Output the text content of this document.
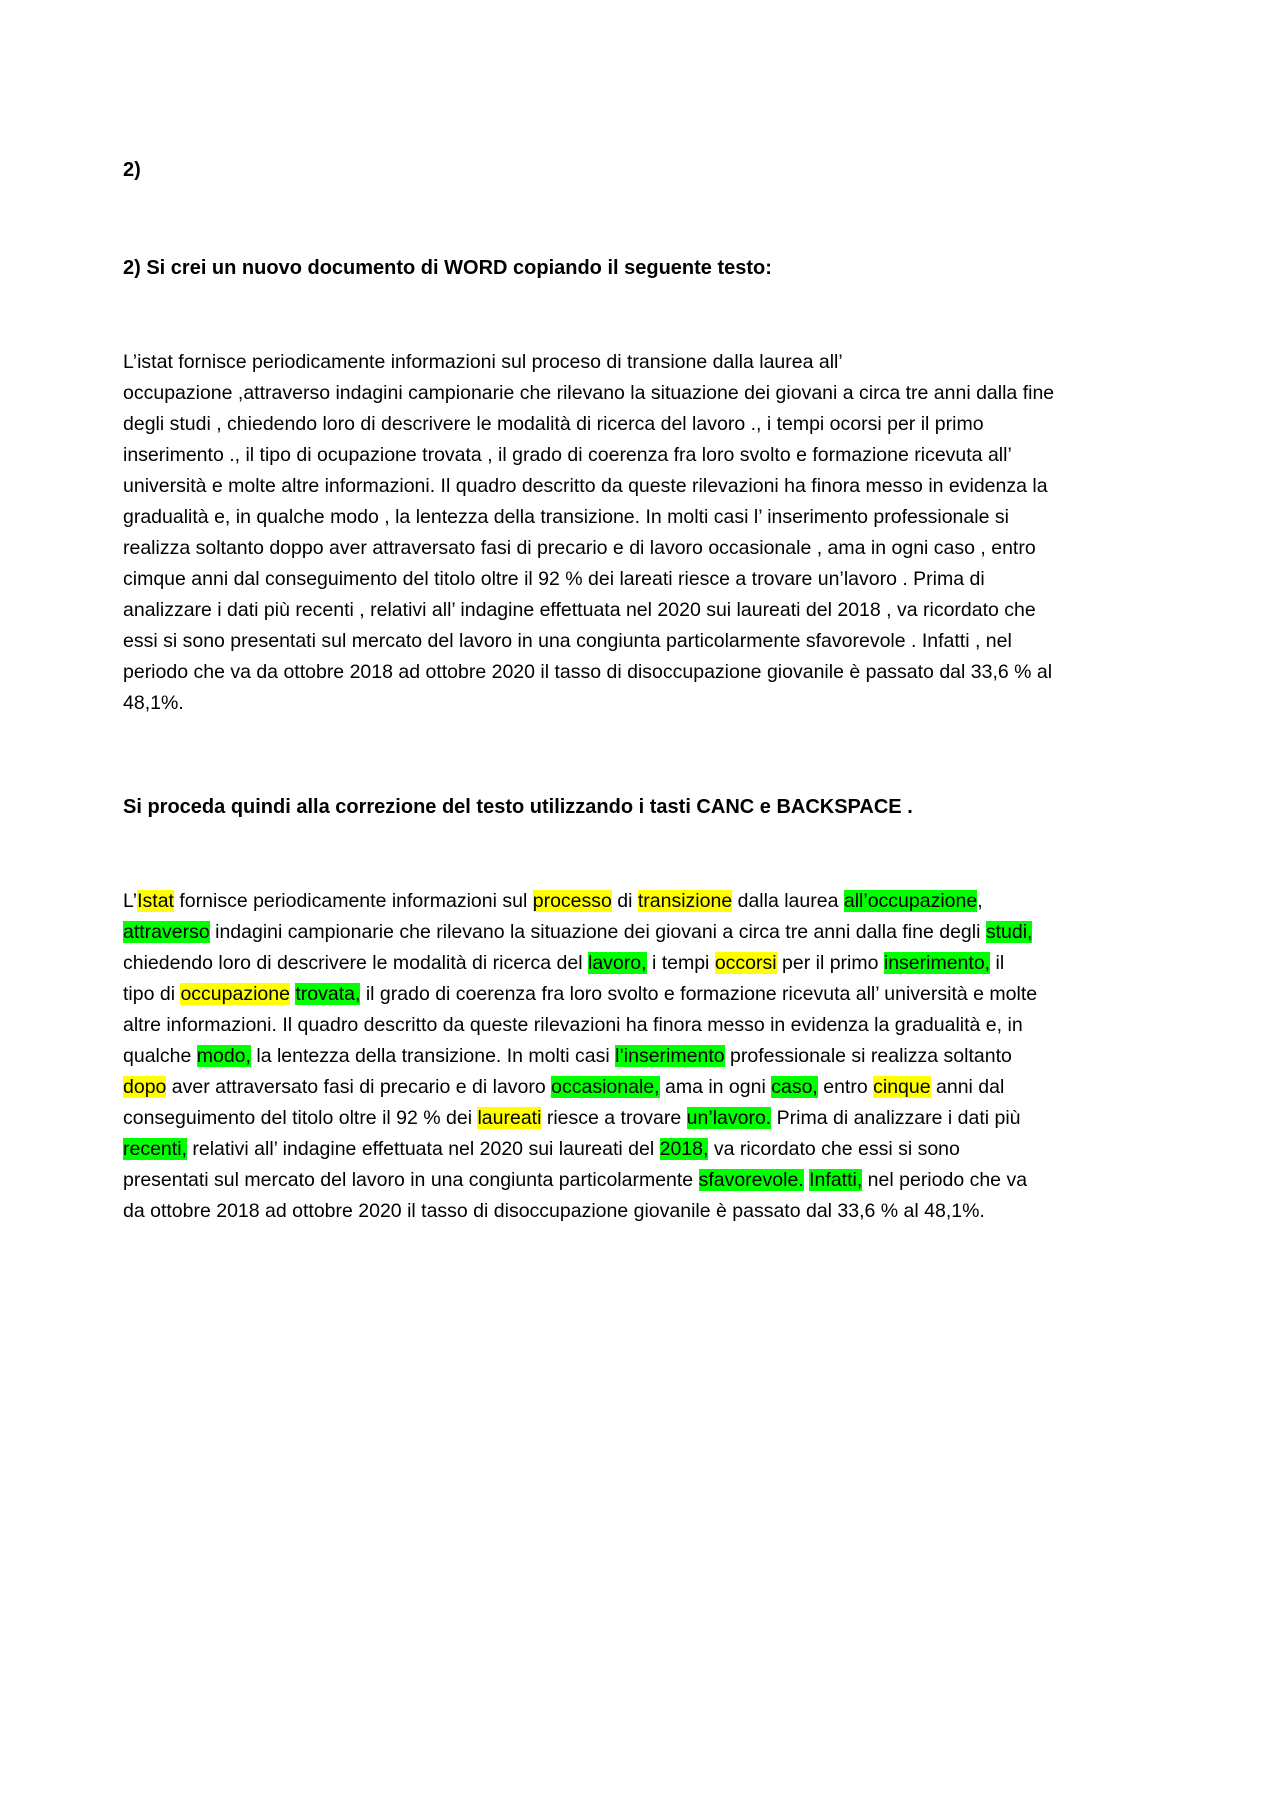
2)
2) Si crei un nuovo documento di WORD copiando il seguente testo:
L’istat fornisce periodicamente informazioni sul proceso di transione dalla laurea all’
occupazione ,attraverso indagini campionarie che rilevano la situazione dei giovani a circa tre anni dalla fine
degli studi , chiedendo loro di descrivere le modalità di ricerca del lavoro ., i tempi ocorsi per il primo
inserimento ., il tipo di ocupazione trovata , il grado di coerenza fra loro svolto e formazione ricevuta all’
università e molte altre informazioni. Il quadro descritto da queste rilevazioni ha finora messo in evidenza la
gradualità e, in qualche modo , la lentezza della transizione. In molti casi l’ inserimento professionale si
realizza soltanto doppo aver attraversato fasi di precario e di lavoro occasionale , ama in ogni caso , entro
cimque anni dal conseguimento del titolo oltre il 92 % dei lareati riesce a trovare un’lavoro . Prima di
analizzare i dati più recenti , relativi all’ indagine effettuata nel 2020 sui laureati del 2018 , va ricordato che
essi si sono presentati sul mercato del lavoro in una congiunta particolarmente sfavorevole . Infatti , nel
periodo che va da ottobre 2018 ad ottobre 2020 il tasso di disoccupazione giovanile è passato dal 33,6 % al
48,1%.
Si proceda quindi alla correzione del testo utilizzando i tasti CANC e BACKSPACE .
L’Istat fornisce periodicamente informazioni sul processo di transizione dalla laurea all’occupazione,
attraverso indagini campionarie che rilevano la situazione dei giovani a circa tre anni dalla fine degli studi,
chiedendo loro di descrivere le modalità di ricerca del lavoro, i tempi occorsi per il primo inserimento, il
tipo di occupazione trovata, il grado di coerenza fra loro svolto e formazione ricevuta all’ università e molte
altre informazioni. Il quadro descritto da queste rilevazioni ha finora messo in evidenza la gradualità e, in
qualche modo, la lentezza della transizione. In molti casi l’inserimento professionale si realizza soltanto
dopo aver attraversato fasi di precario e di lavoro occasionale, ama in ogni caso, entro cinque anni dal
conseguimento del titolo oltre il 92 % dei laureati riesce a trovare un’lavoro. Prima di analizzare i dati più
recenti, relativi all’ indagine effettuata nel 2020 sui laureati del 2018, va ricordato che essi si sono
presentati sul mercato del lavoro in una congiunta particolarmente sfavorevole. Infatti, nel periodo che va
da ottobre 2018 ad ottobre 2020 il tasso di disoccupazione giovanile è passato dal 33,6 % al 48,1%.
